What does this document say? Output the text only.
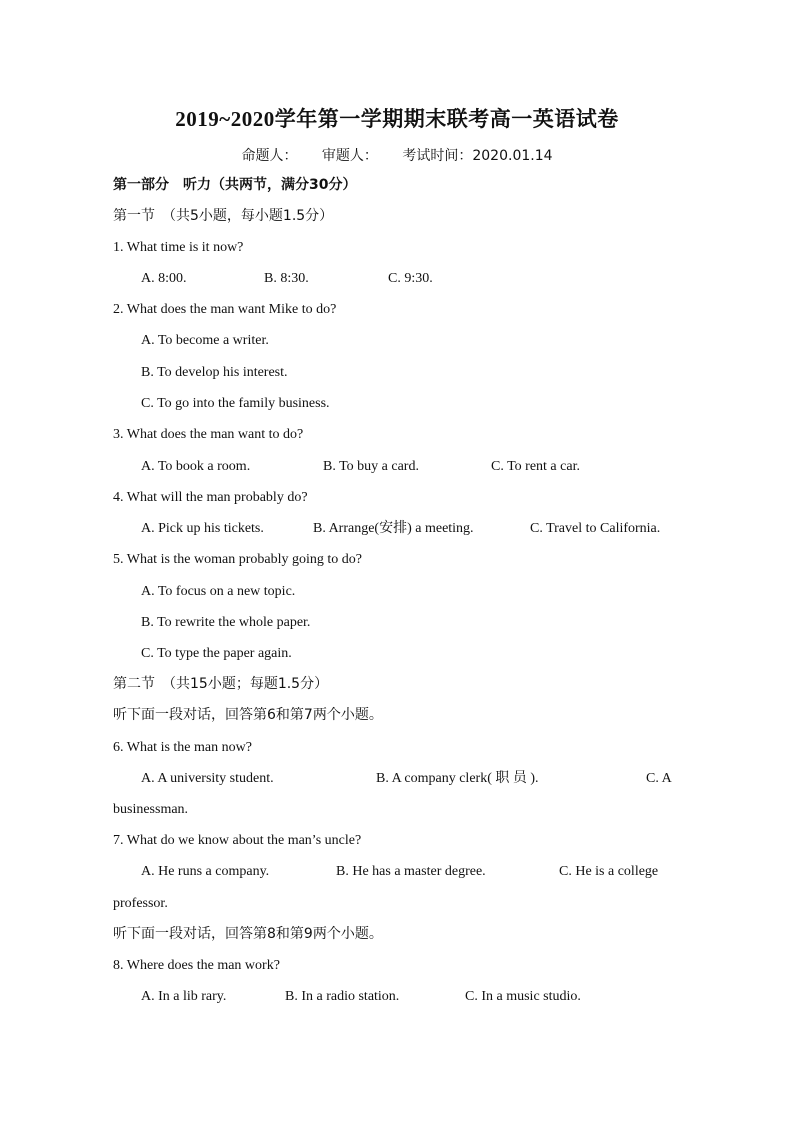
2019~2020学年第一学期期末联考高一英语试卷
命题人： 审题人： 考试时间：2020.01.14
第一部分　听力（共两节，满分30分）
第一节　（共5小题，每小题1.5分）
1. What time is it now?
A. 8:00.	B. 8:30.	C. 9:30.
2. What does the man want Mike to do?
A. To become a writer.
B. To develop his interest.
C. To go into the family business.
3. What does the man want to do?
A. To book a room.	B. To buy a card.	C. To rent a car.
4. What will the man probably do?
A. Pick up his tickets.	B. Arrange(安排) a meeting.	C. Travel to California.
5. What is the woman probably going to do?
A. To focus on a new topic.
B. To rewrite the whole paper.
C. To type the paper again.
第二节　（共15小题；每题1.5分）
听下面一段对话，回答第6和第7两个小题。
6. What is the man now?
A. A university student.	B. A company clerk( 职 员 ).	C. A
businessman.
7. What do we know about the man’s uncle?
A. He runs a company.	B. He has a master degree.	C. He is a college
professor.
听下面一段对话，回答第8和第9两个小题。
8. Where does the man work?
A. In a lib rary.	B. In a radio station.	C. In a music studio.
